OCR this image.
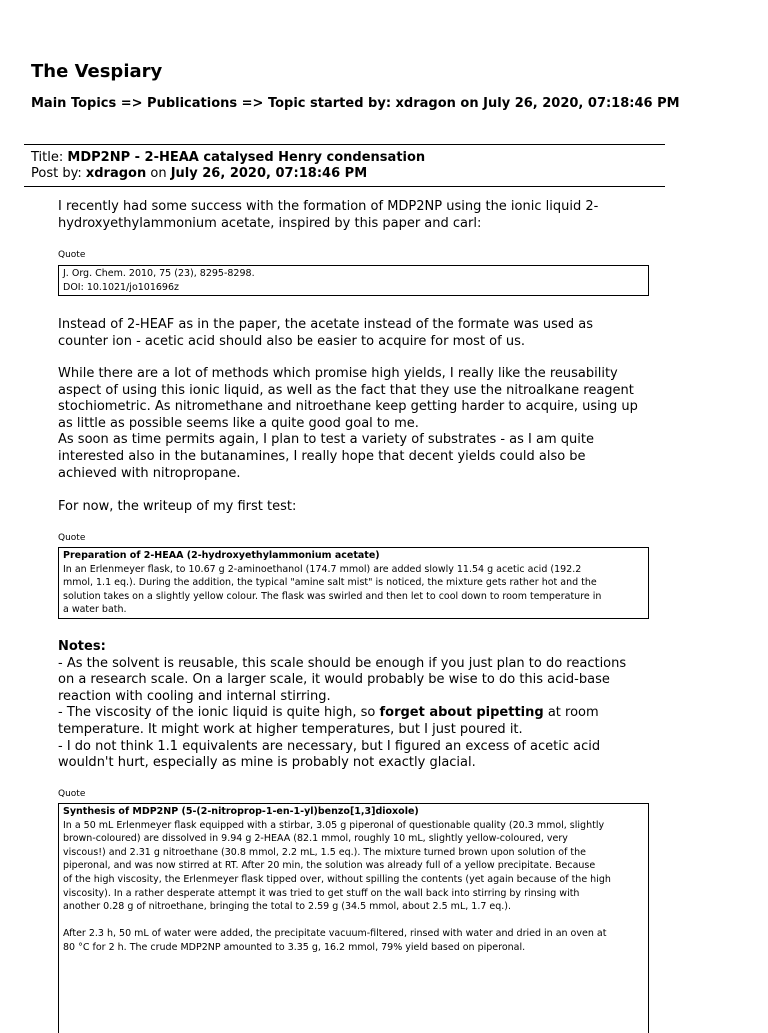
The Vespiary
Main Topics => Publications => Topic started by: xdragon on July 26, 2020, 07:18:46 PM
Title: MDP2NP - 2-HEAA catalysed Henry condensation
Post by: xdragon on July 26, 2020, 07:18:46 PM
I recently had some success with the formation of MDP2NP using the ionic liquid 2-
hydroxyethylammonium acetate, inspired by this paper and carl:
Quote
J. Org. Chem. 2010, 75 (23), 8295-8298.
DOI: 10.1021/jo101696z
Instead of 2-HEAF as in the paper, the acetate instead of the formate was used as
counter ion - acetic acid should also be easier to acquire for most of us.
While there are a lot of methods which promise high yields, I really like the reusability
aspect of using this ionic liquid, as well as the fact that they use the nitroalkane reagent
stochiometric. As nitromethane and nitroethane keep getting harder to acquire, using up
as little as possible seems like a quite good goal to me.
As soon as time permits again, I plan to test a variety of substrates - as I am quite
interested also in the butanamines, I really hope that decent yields could also be
achieved with nitropropane.
For now, the writeup of my first test:
Quote
Preparation of 2-HEAA (2-hydroxyethylammonium acetate)
In an Erlenmeyer flask, to 10.67 g 2-aminoethanol (174.7 mmol) are added slowly 11.54 g acetic acid (192.2
mmol, 1.1 eq.). During the addition, the typical "amine salt mist" is noticed, the mixture gets rather hot and the
solution takes on a slightly yellow colour. The flask was swirled and then let to cool down to room temperature in
a water bath.
Notes:
- As the solvent is reusable, this scale should be enough if you just plan to do reactions
on a research scale. On a larger scale, it would probably be wise to do this acid-base
reaction with cooling and internal stirring.
- The viscosity of the ionic liquid is quite high, so forget about pipetting at room
temperature. It might work at higher temperatures, but I just poured it.
- I do not think 1.1 equivalents are necessary, but I figured an excess of acetic acid
wouldn't hurt, especially as mine is probably not exactly glacial.
Quote
Synthesis of MDP2NP (5-(2-nitroprop-1-en-1-yl)benzo[1,3]dioxole)
In a 50 mL Erlenmeyer flask equipped with a stirbar, 3.05 g piperonal of questionable quality (20.3 mmol, slightly
brown-coloured) are dissolved in 9.94 g 2-HEAA (82.1 mmol, roughly 10 mL, slightly yellow-coloured, very
viscous!) and 2.31 g nitroethane (30.8 mmol, 2.2 mL, 1.5 eq.). The mixture turned brown upon solution of the
piperonal, and was now stirred at RT. After 20 min, the solution was already full of a yellow precipitate. Because
of the high viscosity, the Erlenmeyer flask tipped over, without spilling the contents (yet again because of the high
viscosity). In a rather desperate attempt it was tried to get stuff on the wall back into stirring by rinsing with
another 0.28 g of nitroethane, bringing the total to 2.59 g (34.5 mmol, about 2.5 mL, 1.7 eq.).

After 2.3 h, 50 mL of water were added, the precipitate vacuum-filtered, rinsed with water and dried in an oven at
80 °C for 2 h. The crude MDP2NP amounted to 3.35 g, 16.2 mmol, 79% yield based on piperonal.
